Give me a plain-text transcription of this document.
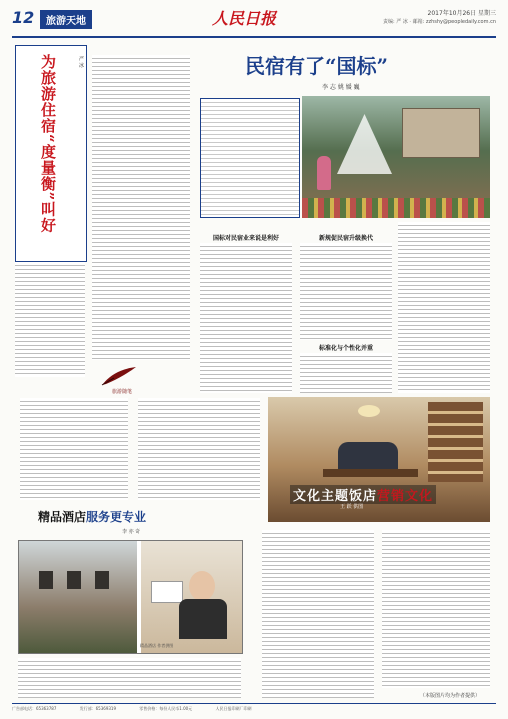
12	旅游天地	人民日报	2017年10月26日 星期三
责编: 严 冰 · 邮箱: zzhshy@peopledaily.com.cn
为旅游住宿“度量衡”叫好	严 冰
旅游随笔
民宿有了“国标”
李 志 姚 媛 巍
国标对民宿业来说是利好	新规促民宿升级换代
标准化与个性化并重
文化主题饭店营销文化
王 跃 供图
精品酒店服务更专业
李 亦 奇
精品酒店 作者供图
（本版图片均为作者提供）
广告部电话：65363787	发行部：65369319	零售价格：每份人民币1.00元	人民日报印刷厂印刷
